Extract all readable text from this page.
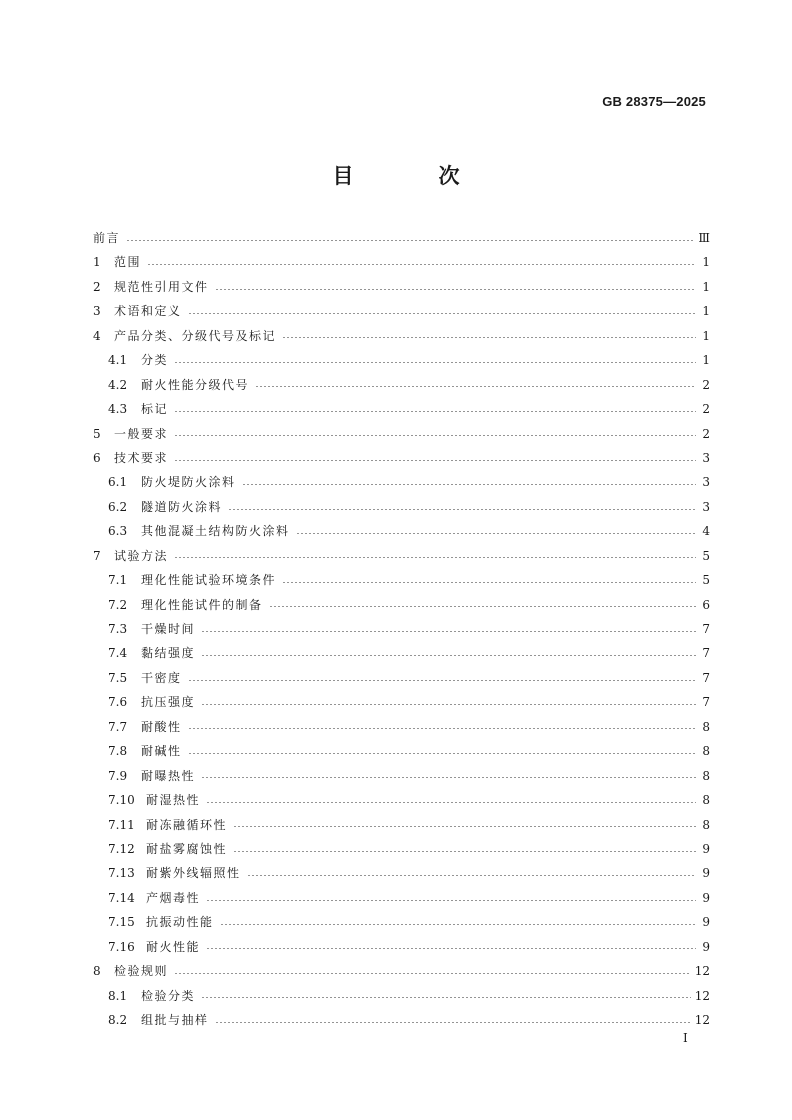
GB 28375—2025
目　次
前言	Ⅲ
1	范围	1
2	规范性引用文件	1
3	术语和定义	1
4	产品分类、分级代号及标记	1
4.1	分类	1
4.2	耐火性能分级代号	2
4.3	标记	2
5	一般要求	2
6	技术要求	3
6.1	防火堤防火涂料	3
6.2	隧道防火涂料	3
6.3	其他混凝土结构防火涂料	4
7	试验方法	5
7.1	理化性能试验环境条件	5
7.2	理化性能试件的制备	6
7.3	干燥时间	7
7.4	黏结强度	7
7.5	干密度	7
7.6	抗压强度	7
7.7	耐酸性	8
7.8	耐碱性	8
7.9	耐曝热性	8
7.10 耐湿热性	8
7.11 耐冻融循环性	8
7.12 耐盐雾腐蚀性	9
7.13 耐紫外线辐照性	9
7.14 产烟毒性	9
7.15 抗振动性能	9
7.16 耐火性能	9
8	检验规则	12
8.1	检验分类	12
8.2	组批与抽样	12
I
